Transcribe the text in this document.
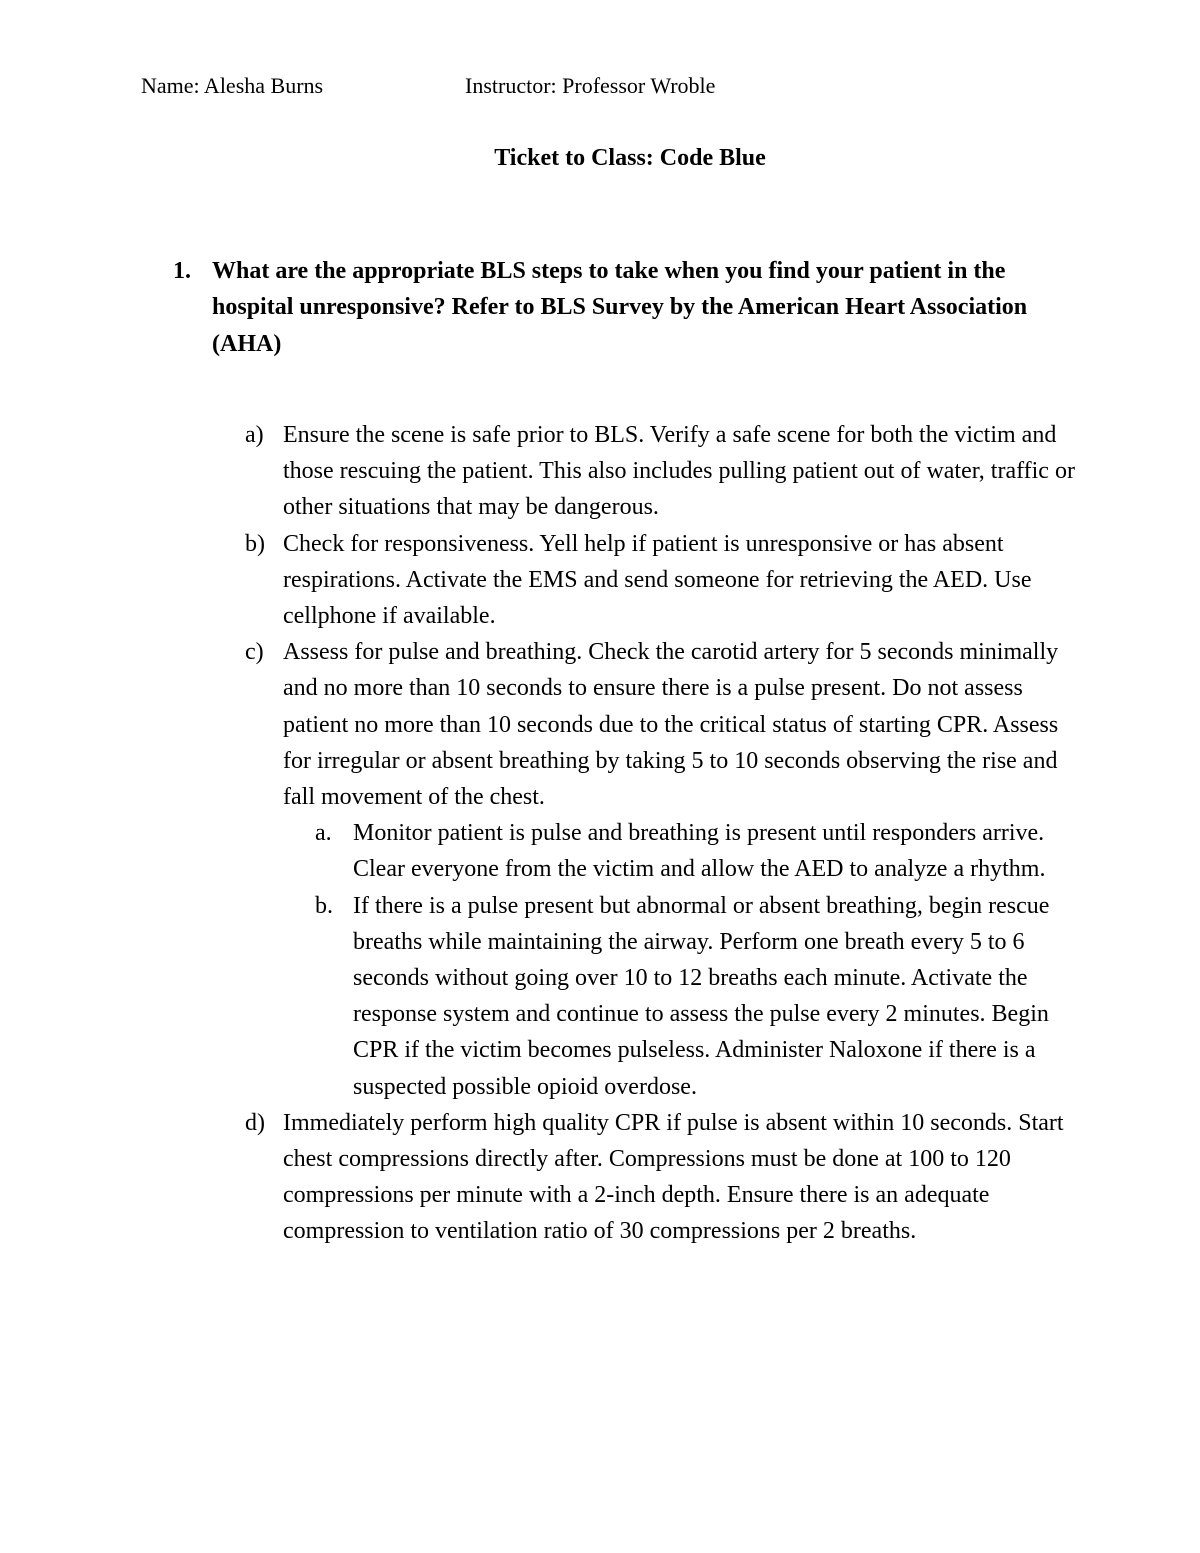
Name: Alesha Burns	Instructor: Professor Wroble
Ticket to Class: Code Blue
1. What are the appropriate BLS steps to take when you find your patient in the hospital unresponsive? Refer to BLS Survey by the American Heart Association (AHA)
a) Ensure the scene is safe prior to BLS. Verify a safe scene for both the victim and those rescuing the patient. This also includes pulling patient out of water, traffic or other situations that may be dangerous.
b) Check for responsiveness. Yell help if patient is unresponsive or has absent respirations. Activate the EMS and send someone for retrieving the AED. Use cellphone if available.
c) Assess for pulse and breathing. Check the carotid artery for 5 seconds minimally and no more than 10 seconds to ensure there is a pulse present. Do not assess patient no more than 10 seconds due to the critical status of starting CPR. Assess for irregular or absent breathing by taking 5 to 10 seconds observing the rise and fall movement of the chest.
a. Monitor patient is pulse and breathing is present until responders arrive. Clear everyone from the victim and allow the AED to analyze a rhythm.
b. If there is a pulse present but abnormal or absent breathing, begin rescue breaths while maintaining the airway. Perform one breath every 5 to 6 seconds without going over 10 to 12 breaths each minute. Activate the response system and continue to assess the pulse every 2 minutes. Begin CPR if the victim becomes pulseless. Administer Naloxone if there is a suspected possible opioid overdose.
d) Immediately perform high quality CPR if pulse is absent within 10 seconds. Start chest compressions directly after. Compressions must be done at 100 to 120 compressions per minute with a 2-inch depth. Ensure there is an adequate compression to ventilation ratio of 30 compressions per 2 breaths.
